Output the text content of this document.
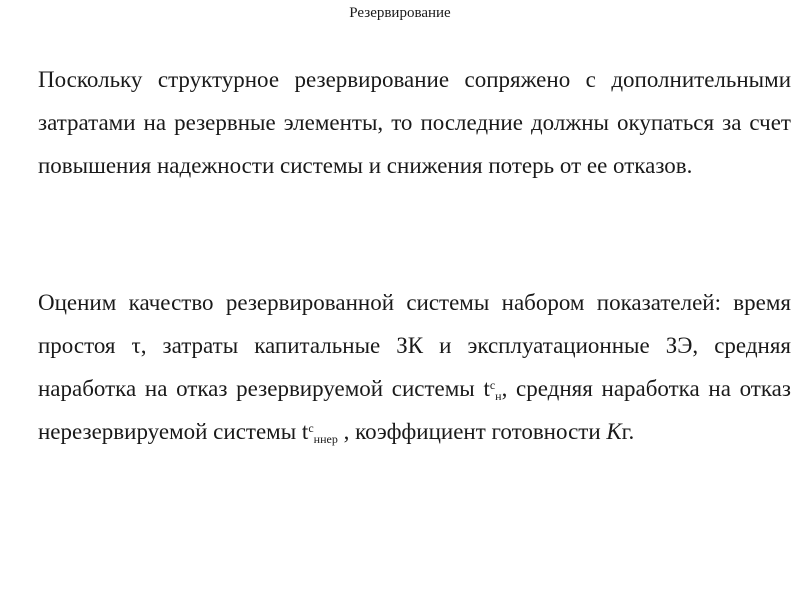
Резервирование

Поскольку структурное резервирование сопряжено с дополнительными затратами на резервные элементы, то последние должны окупаться за счет повышения надежности системы и снижения потерь от ее отказов.

Оценим качество резервированной системы набором показателей: время простоя τ, затраты капитальные ЗК и эксплуатационные ЗЭ, средняя наработка на отказ резервируемой системы $t^c_н$, средняя наработка на отказ нерезервируемой системы $t^c_{ннер}$ , коэффициент готовности Кг.
